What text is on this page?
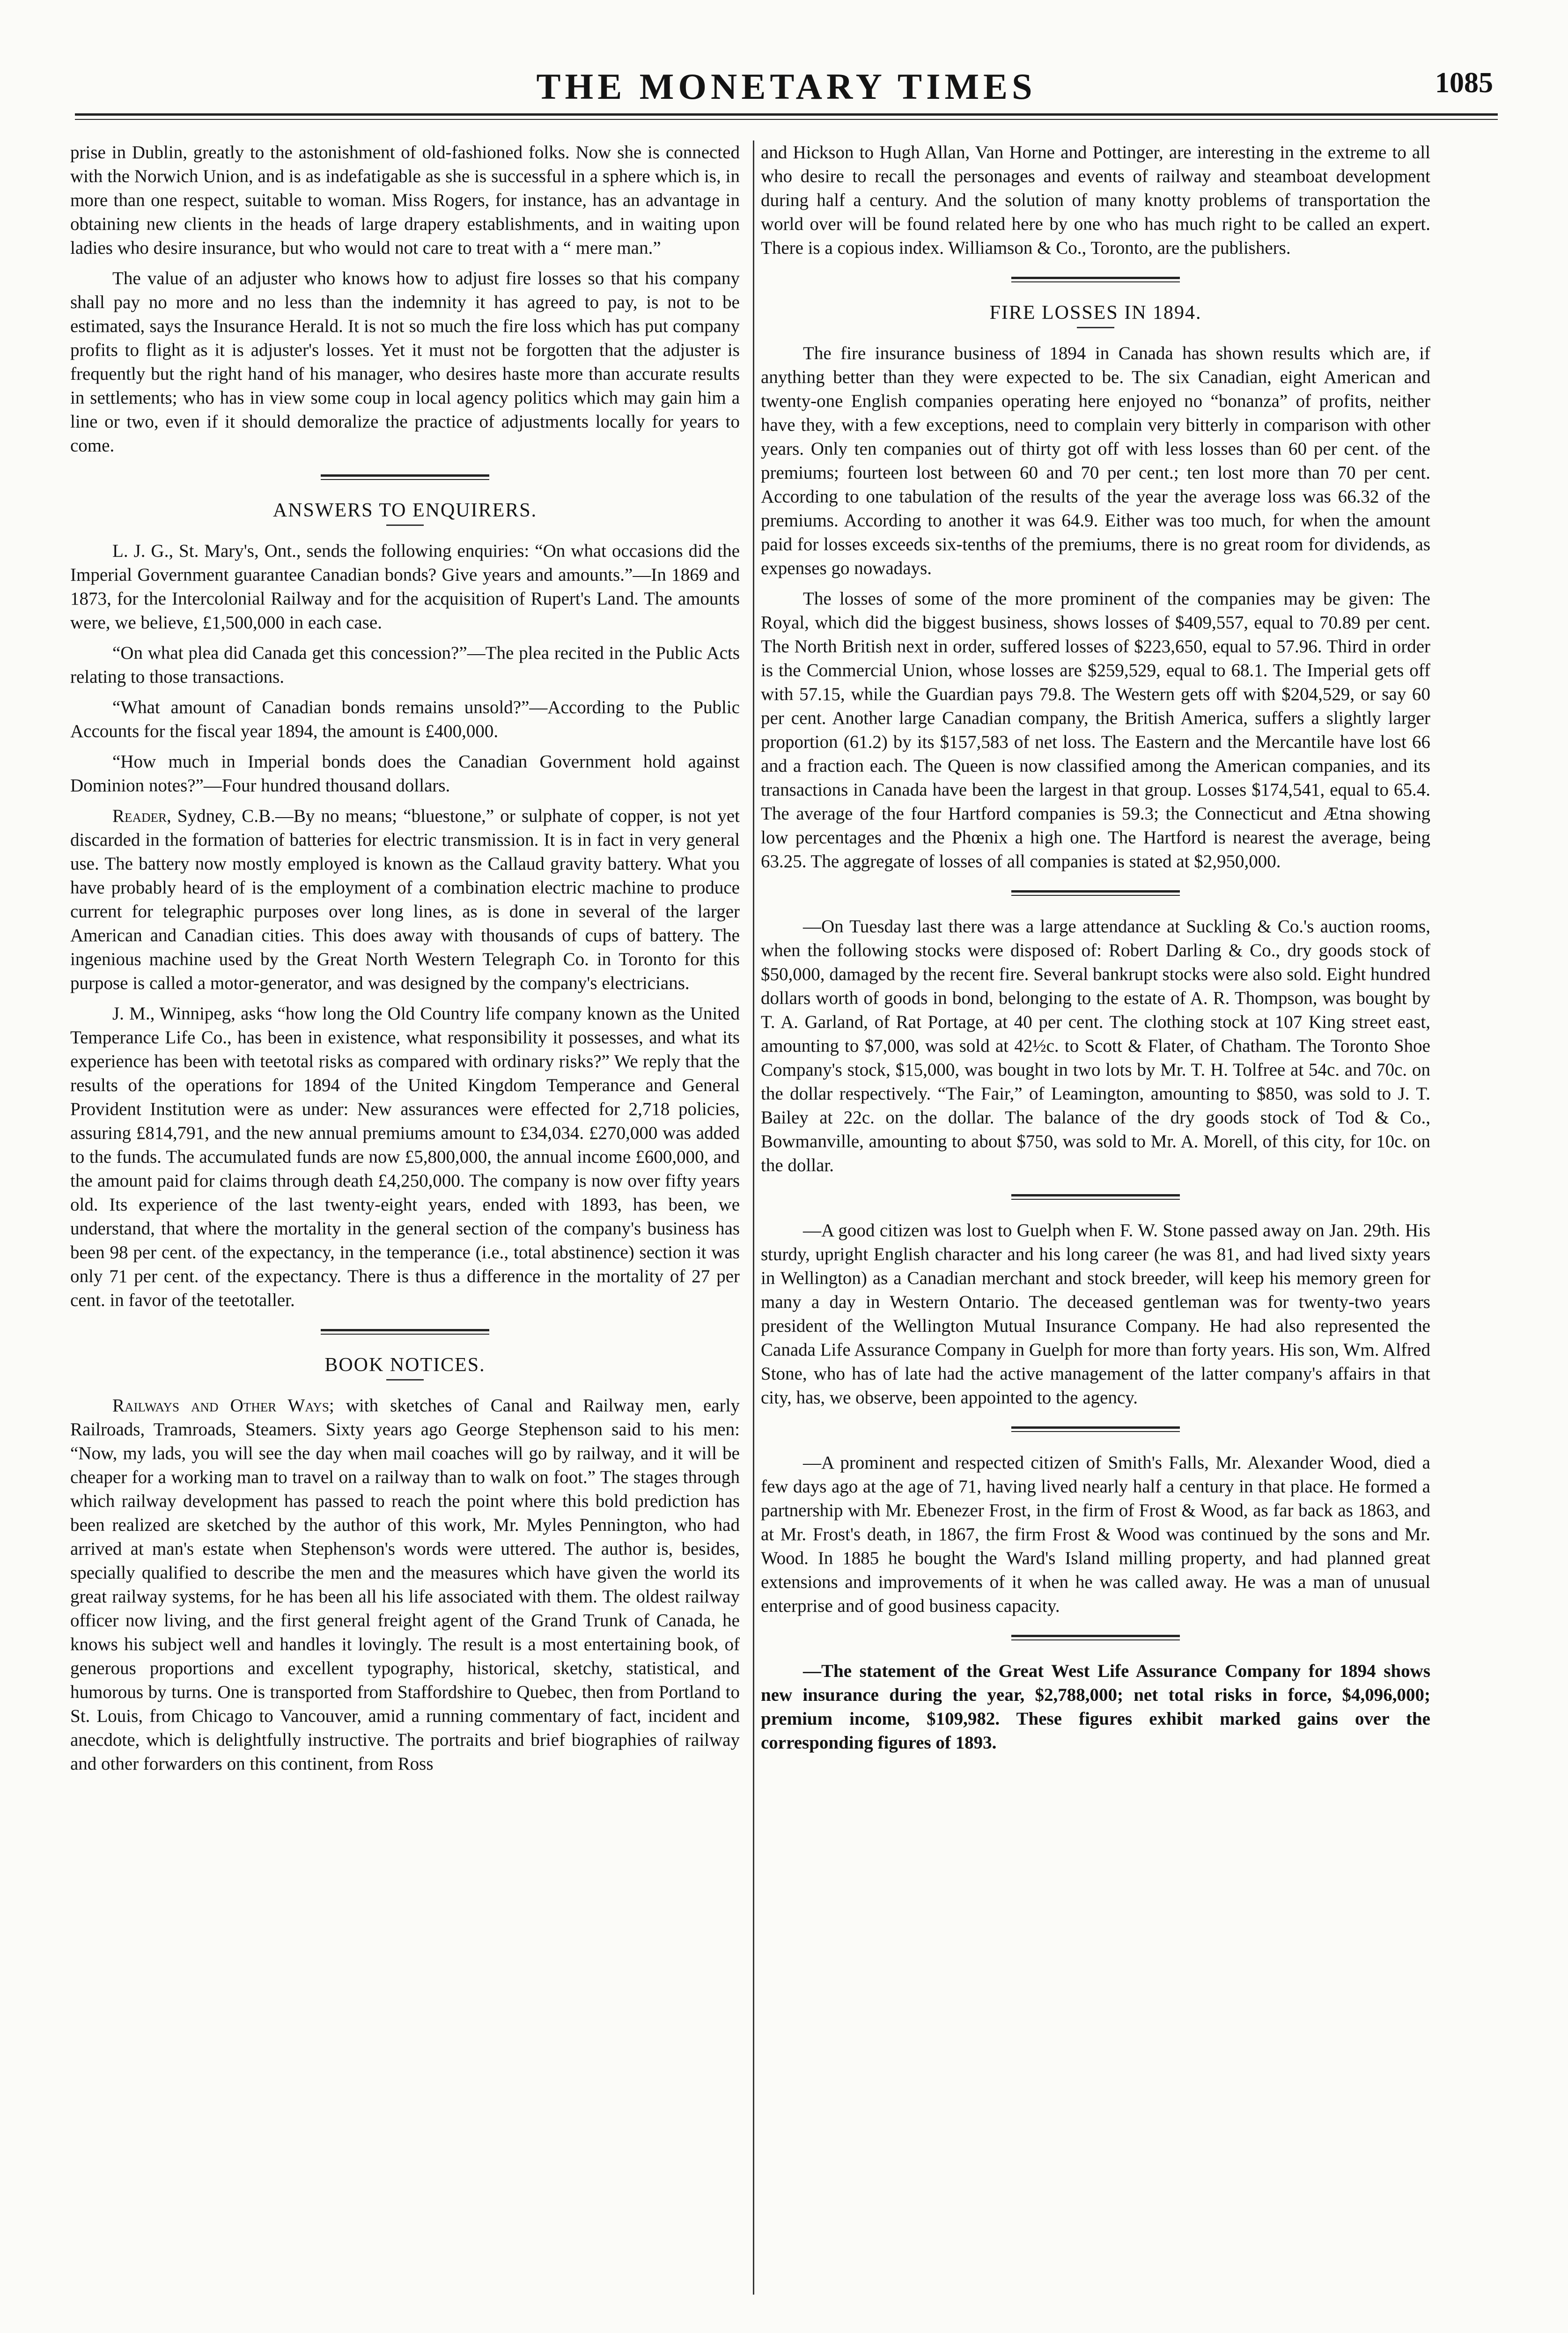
THE MONETARY TIMES	1085

prise in Dublin, greatly to the astonishment of old-fashioned folks. Now she is connected with the Norwich Union, and is as indefatigable as she is successful in a sphere which is, in more than one respect, suitable to woman. Miss Rogers, for instance, has an advantage in obtaining new clients in the heads of large drapery establishments, and in waiting upon ladies who desire insurance, but who would not care to treat with a “ mere man.”

The value of an adjuster who knows how to adjust fire losses so that his company shall pay no more and no less than the indemnity it has agreed to pay, is not to be estimated, says the Insurance Herald. It is not so much the fire loss which has put company profits to flight as it is adjuster's losses. Yet it must not be forgotten that the adjuster is frequently but the right hand of his manager, who desires haste more than accurate results in settlements; who has in view some coup in local agency politics which may gain him a line or two, even if it should demoralize the practice of adjustments locally for years to come.

ANSWERS TO ENQUIRERS.

L. J. G., St. Mary's, Ont., sends the following enquiries: “On what occasions did the Imperial Government guarantee Canadian bonds? Give years and amounts.”—In 1869 and 1873, for the Intercolonial Railway and for the acquisition of Rupert's Land. The amounts were, we believe, £1,500,000 in each case.

“On what plea did Canada get this concession?”—The plea recited in the Public Acts relating to those transactions.

“What amount of Canadian bonds remains unsold?”—According to the Public Accounts for the fiscal year 1894, the amount is £400,000.

“How much in Imperial bonds does the Canadian Government hold against Dominion notes?”—Four hundred thousand dollars.

Reader, Sydney, C.B.—By no means; “bluestone,” or sulphate of copper, is not yet discarded in the formation of batteries for electric transmission. It is in fact in very general use. The battery now mostly employed is known as the Callaud gravity battery. What you have probably heard of is the employment of a combination electric machine to produce current for telegraphic purposes over long lines, as is done in several of the larger American and Canadian cities. This does away with thousands of cups of battery. The ingenious machine used by the Great North Western Telegraph Co. in Toronto for this purpose is called a motor-generator, and was designed by the company's electricians.

J. M., Winnipeg, asks “how long the Old Country life company known as the United Temperance Life Co., has been in existence, what responsibility it possesses, and what its experience has been with teetotal risks as compared with ordinary risks?” We reply that the results of the operations for 1894 of the United Kingdom Temperance and General Provident Institution were as under: New assurances were effected for 2,718 policies, assuring £814,791, and the new annual premiums amount to £34,034. £270,000 was added to the funds. The accumulated funds are now £5,800,000, the annual income £600,000, and the amount paid for claims through death £4,250,000. The company is now over fifty years old. Its experience of the last twenty-eight years, ended with 1893, has been, we understand, that where the mortality in the general section of the company's business has been 98 per cent. of the expectancy, in the temperance (i.e., total abstinence) section it was only 71 per cent. of the expectancy. There is thus a difference in the mortality of 27 per cent. in favor of the teetotaller.

BOOK NOTICES.

Railways and Other Ways; with sketches of Canal and Railway men, early Railroads, Tramroads, Steamers. Sixty years ago George Stephenson said to his men: “Now, my lads, you will see the day when mail coaches will go by railway, and it will be cheaper for a working man to travel on a railway than to walk on foot.” The stages through which railway development has passed to reach the point where this bold prediction has been realized are sketched by the author of this work, Mr. Myles Pennington, who had arrived at man's estate when Stephenson's words were uttered. The author is, besides, specially qualified to describe the men and the measures which have given the world its great railway systems, for he has been all his life associated with them. The oldest railway officer now living, and the first general freight agent of the Grand Trunk of Canada, he knows his subject well and handles it lovingly. The result is a most entertaining book, of generous proportions and excellent typography, historical, sketchy, statistical, and humorous by turns. One is transported from Staffordshire to Quebec, then from Portland to St. Louis, from Chicago to Vancouver, amid a running commentary of fact, incident and anecdote, which is delightfully instructive. The portraits and brief biographies of railway and other forwarders on this continent, from Ross

and Hickson to Hugh Allan, Van Horne and Pottinger, are interesting in the extreme to all who desire to recall the personages and events of railway and steamboat development during half a century. And the solution of many knotty problems of transportation the world over will be found related here by one who has much right to be called an expert. There is a copious index. Williamson & Co., Toronto, are the publishers.

FIRE LOSSES IN 1894.

The fire insurance business of 1894 in Canada has shown results which are, if anything better than they were expected to be. The six Canadian, eight American and twenty-one English companies operating here enjoyed no “bonanza” of profits, neither have they, with a few exceptions, need to complain very bitterly in comparison with other years. Only ten companies out of thirty got off with less losses than 60 per cent. of the premiums; fourteen lost between 60 and 70 per cent.; ten lost more than 70 per cent. According to one tabulation of the results of the year the average loss was 66.32 of the premiums. According to another it was 64.9. Either was too much, for when the amount paid for losses exceeds six-tenths of the premiums, there is no great room for dividends, as expenses go nowadays.

The losses of some of the more prominent of the companies may be given: The Royal, which did the biggest business, shows losses of $409,557, equal to 70.89 per cent. The North British next in order, suffered losses of $223,650, equal to 57.96. Third in order is the Commercial Union, whose losses are $259,529, equal to 68.1. The Imperial gets off with 57.15, while the Guardian pays 79.8. The Western gets off with $204,529, or say 60 per cent. Another large Canadian company, the British America, suffers a slightly larger proportion (61.2) by its $157,583 of net loss. The Eastern and the Mercantile have lost 66 and a fraction each. The Queen is now classified among the American companies, and its transactions in Canada have been the largest in that group. Losses $174,541, equal to 65.4. The average of the four Hartford companies is 59.3; the Connecticut and Ætna showing low percentages and the Phœnix a high one. The Hartford is nearest the average, being 63.25. The aggregate of losses of all companies is stated at $2,950,000.

—On Tuesday last there was a large attendance at Suckling & Co.'s auction rooms, when the following stocks were disposed of: Robert Darling & Co., dry goods stock of $50,000, damaged by the recent fire. Several bankrupt stocks were also sold. Eight hundred dollars worth of goods in bond, belonging to the estate of A. R. Thompson, was bought by T. A. Garland, of Rat Portage, at 40 per cent. The clothing stock at 107 King street east, amounting to $7,000, was sold at 42½c. to Scott & Flater, of Chatham. The Toronto Shoe Company's stock, $15,000, was bought in two lots by Mr. T. H. Tolfree at 54c. and 70c. on the dollar respectively. “The Fair,” of Leamington, amounting to $850, was sold to J. T. Bailey at 22c. on the dollar. The balance of the dry goods stock of Tod & Co., Bowmanville, amounting to about $750, was sold to Mr. A. Morell, of this city, for 10c. on the dollar.

—A good citizen was lost to Guelph when F. W. Stone passed away on Jan. 29th. His sturdy, upright English character and his long career (he was 81, and had lived sixty years in Wellington) as a Canadian merchant and stock breeder, will keep his memory green for many a day in Western Ontario. The deceased gentleman was for twenty-two years president of the Wellington Mutual Insurance Company. He had also represented the Canada Life Assurance Company in Guelph for more than forty years. His son, Wm. Alfred Stone, who has of late had the active management of the latter company's affairs in that city, has, we observe, been appointed to the agency.

—A prominent and respected citizen of Smith's Falls, Mr. Alexander Wood, died a few days ago at the age of 71, having lived nearly half a century in that place. He formed a partnership with Mr. Ebenezer Frost, in the firm of Frost & Wood, as far back as 1863, and at Mr. Frost's death, in 1867, the firm Frost & Wood was continued by the sons and Mr. Wood. In 1885 he bought the Ward's Island milling property, and had planned great extensions and improvements of it when he was called away. He was a man of unusual enterprise and of good business capacity.

—The statement of the Great West Life Assurance Company for 1894 shows new insurance during the year, $2,788,000; net total risks in force, $4,096,000; premium income, $109,982. These figures exhibit marked gains over the corresponding figures of 1893.
